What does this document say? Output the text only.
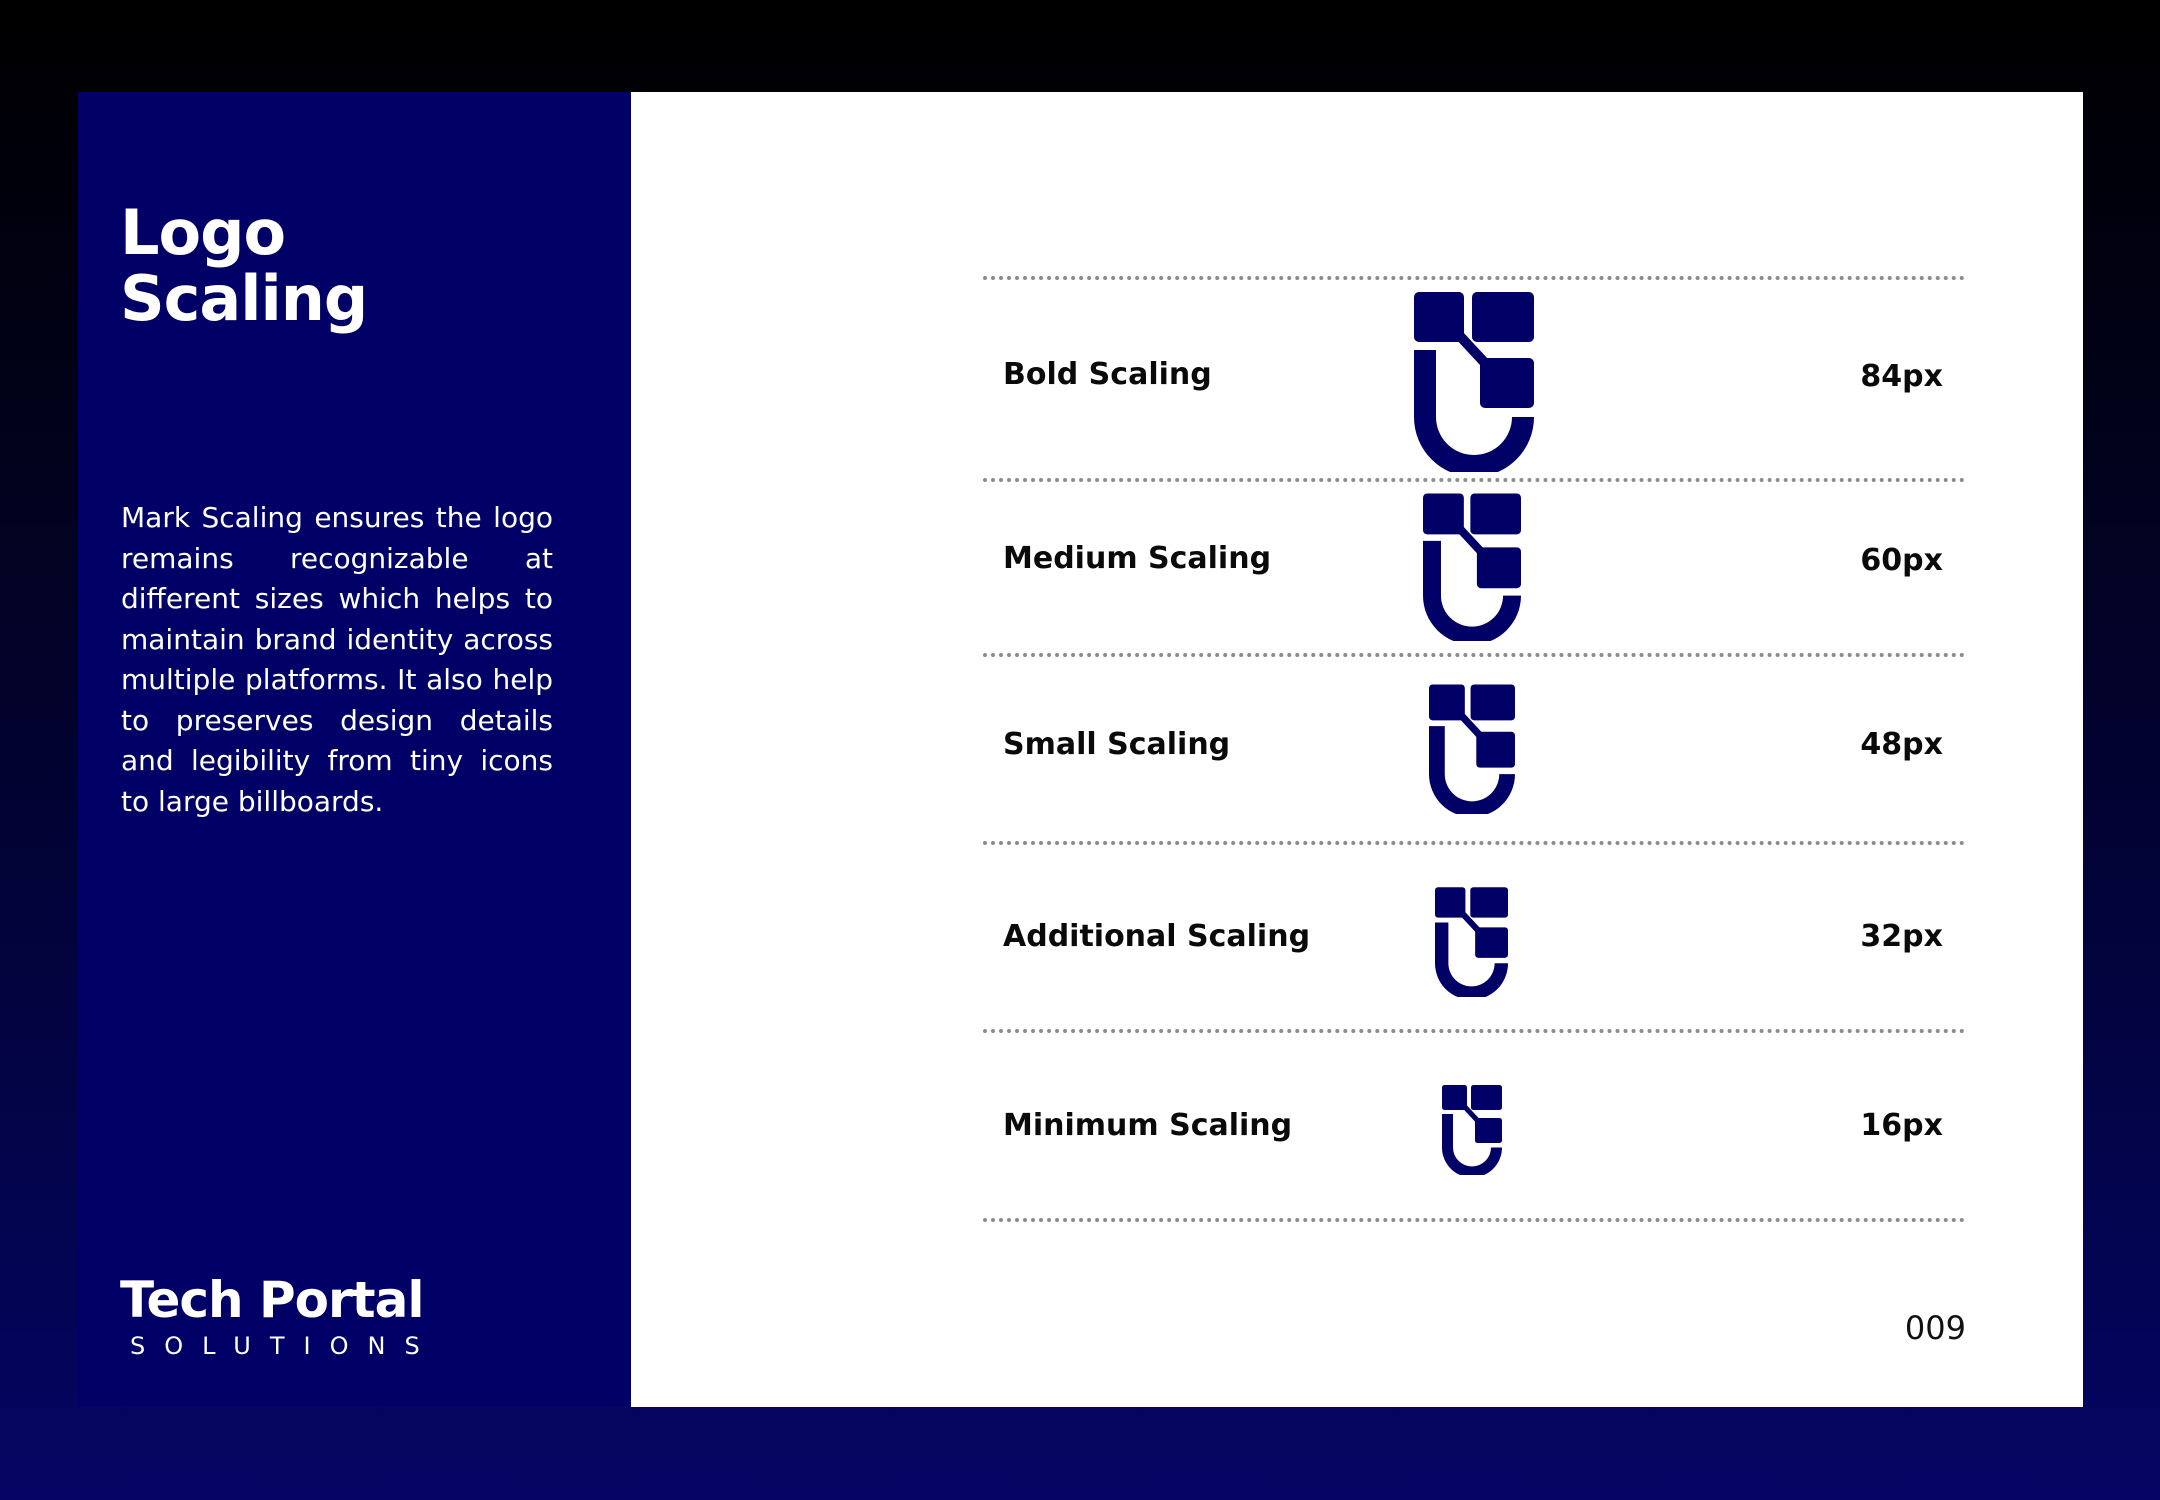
Logo
Scaling

Mark Scaling ensures the logo remains recognizable at different sizes which helps to maintain brand identity across multiple platforms. It also help to preserves design details and legibility from tiny icons to large billboards.

Tech Portal
SOLUTIONS
Bold Scaling	84px
Medium Scaling	60px
Small Scaling	48px
Additional Scaling	32px
Minimum Scaling	16px
009
